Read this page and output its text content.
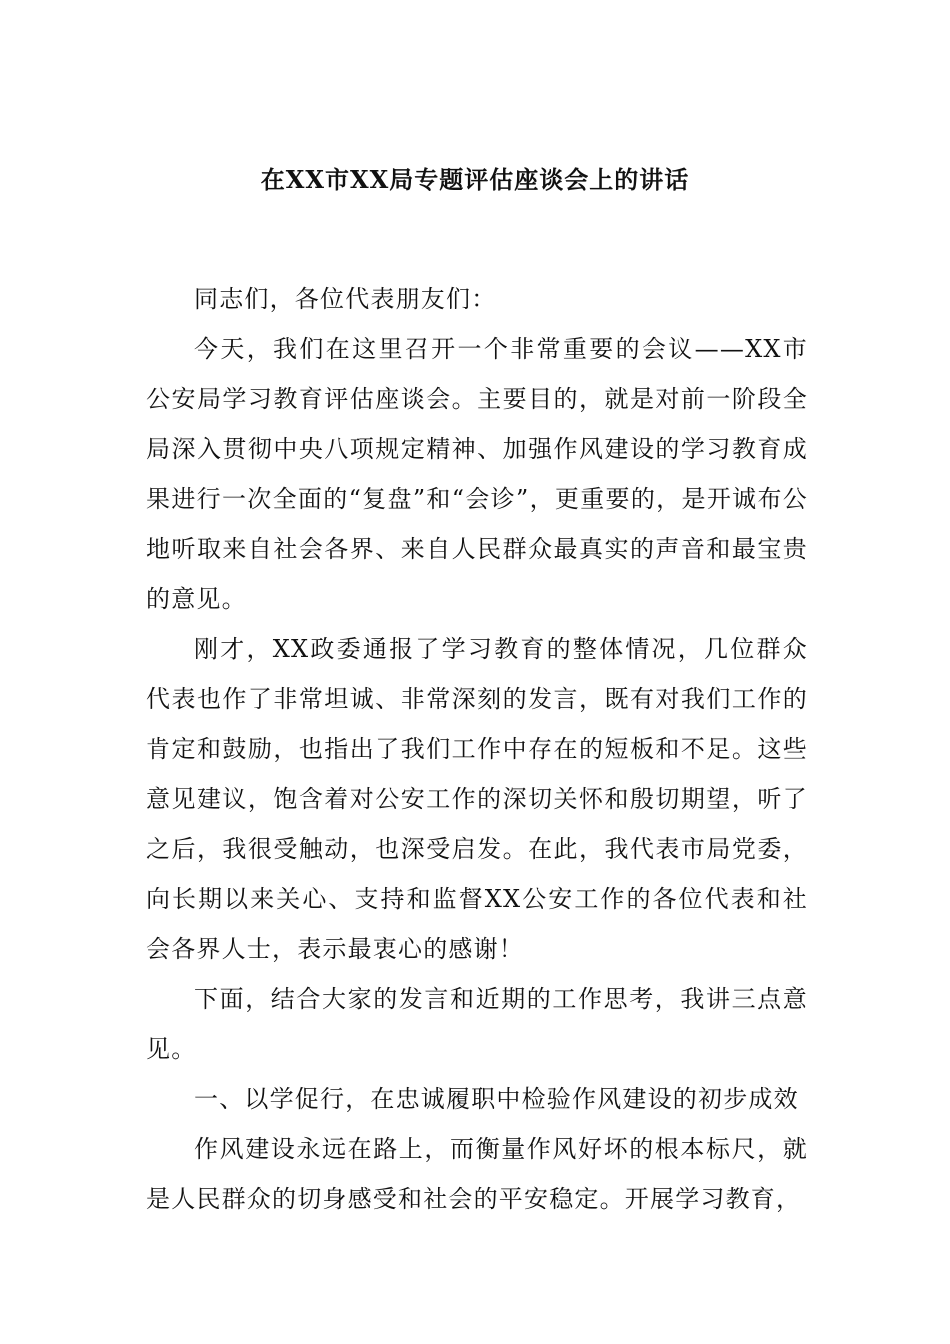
在XX市XX局专题评估座谈会上的讲话

同志们，各位代表朋友们：

今天，我们在这里召开一个非常重要的会议——XX市公安局学习教育评估座谈会。主要目的，就是对前一阶段全局深入贯彻中央八项规定精神、加强作风建设的学习教育成果进行一次全面的“复盘”和“会诊”，更重要的，是开诚布公地听取来自社会各界、来自人民群众最真实的声音和最宝贵的意见。

刚才，XX政委通报了学习教育的整体情况，几位群众代表也作了非常坦诚、非常深刻的发言，既有对我们工作的肯定和鼓励，也指出了我们工作中存在的短板和不足。这些意见建议，饱含着对公安工作的深切关怀和殷切期望，听了之后，我很受触动，也深受启发。在此，我代表市局党委，向长期以来关心、支持和监督XX公安工作的各位代表和社会各界人士，表示最衷心的感谢！

下面，结合大家的发言和近期的工作思考，我讲三点意见。

一、以学促行，在忠诚履职中检验作风建设的初步成效

作风建设永远在路上，而衡量作风好坏的根本标尺，就是人民群众的切身感受和社会的平安稳定。开展学习教育，
